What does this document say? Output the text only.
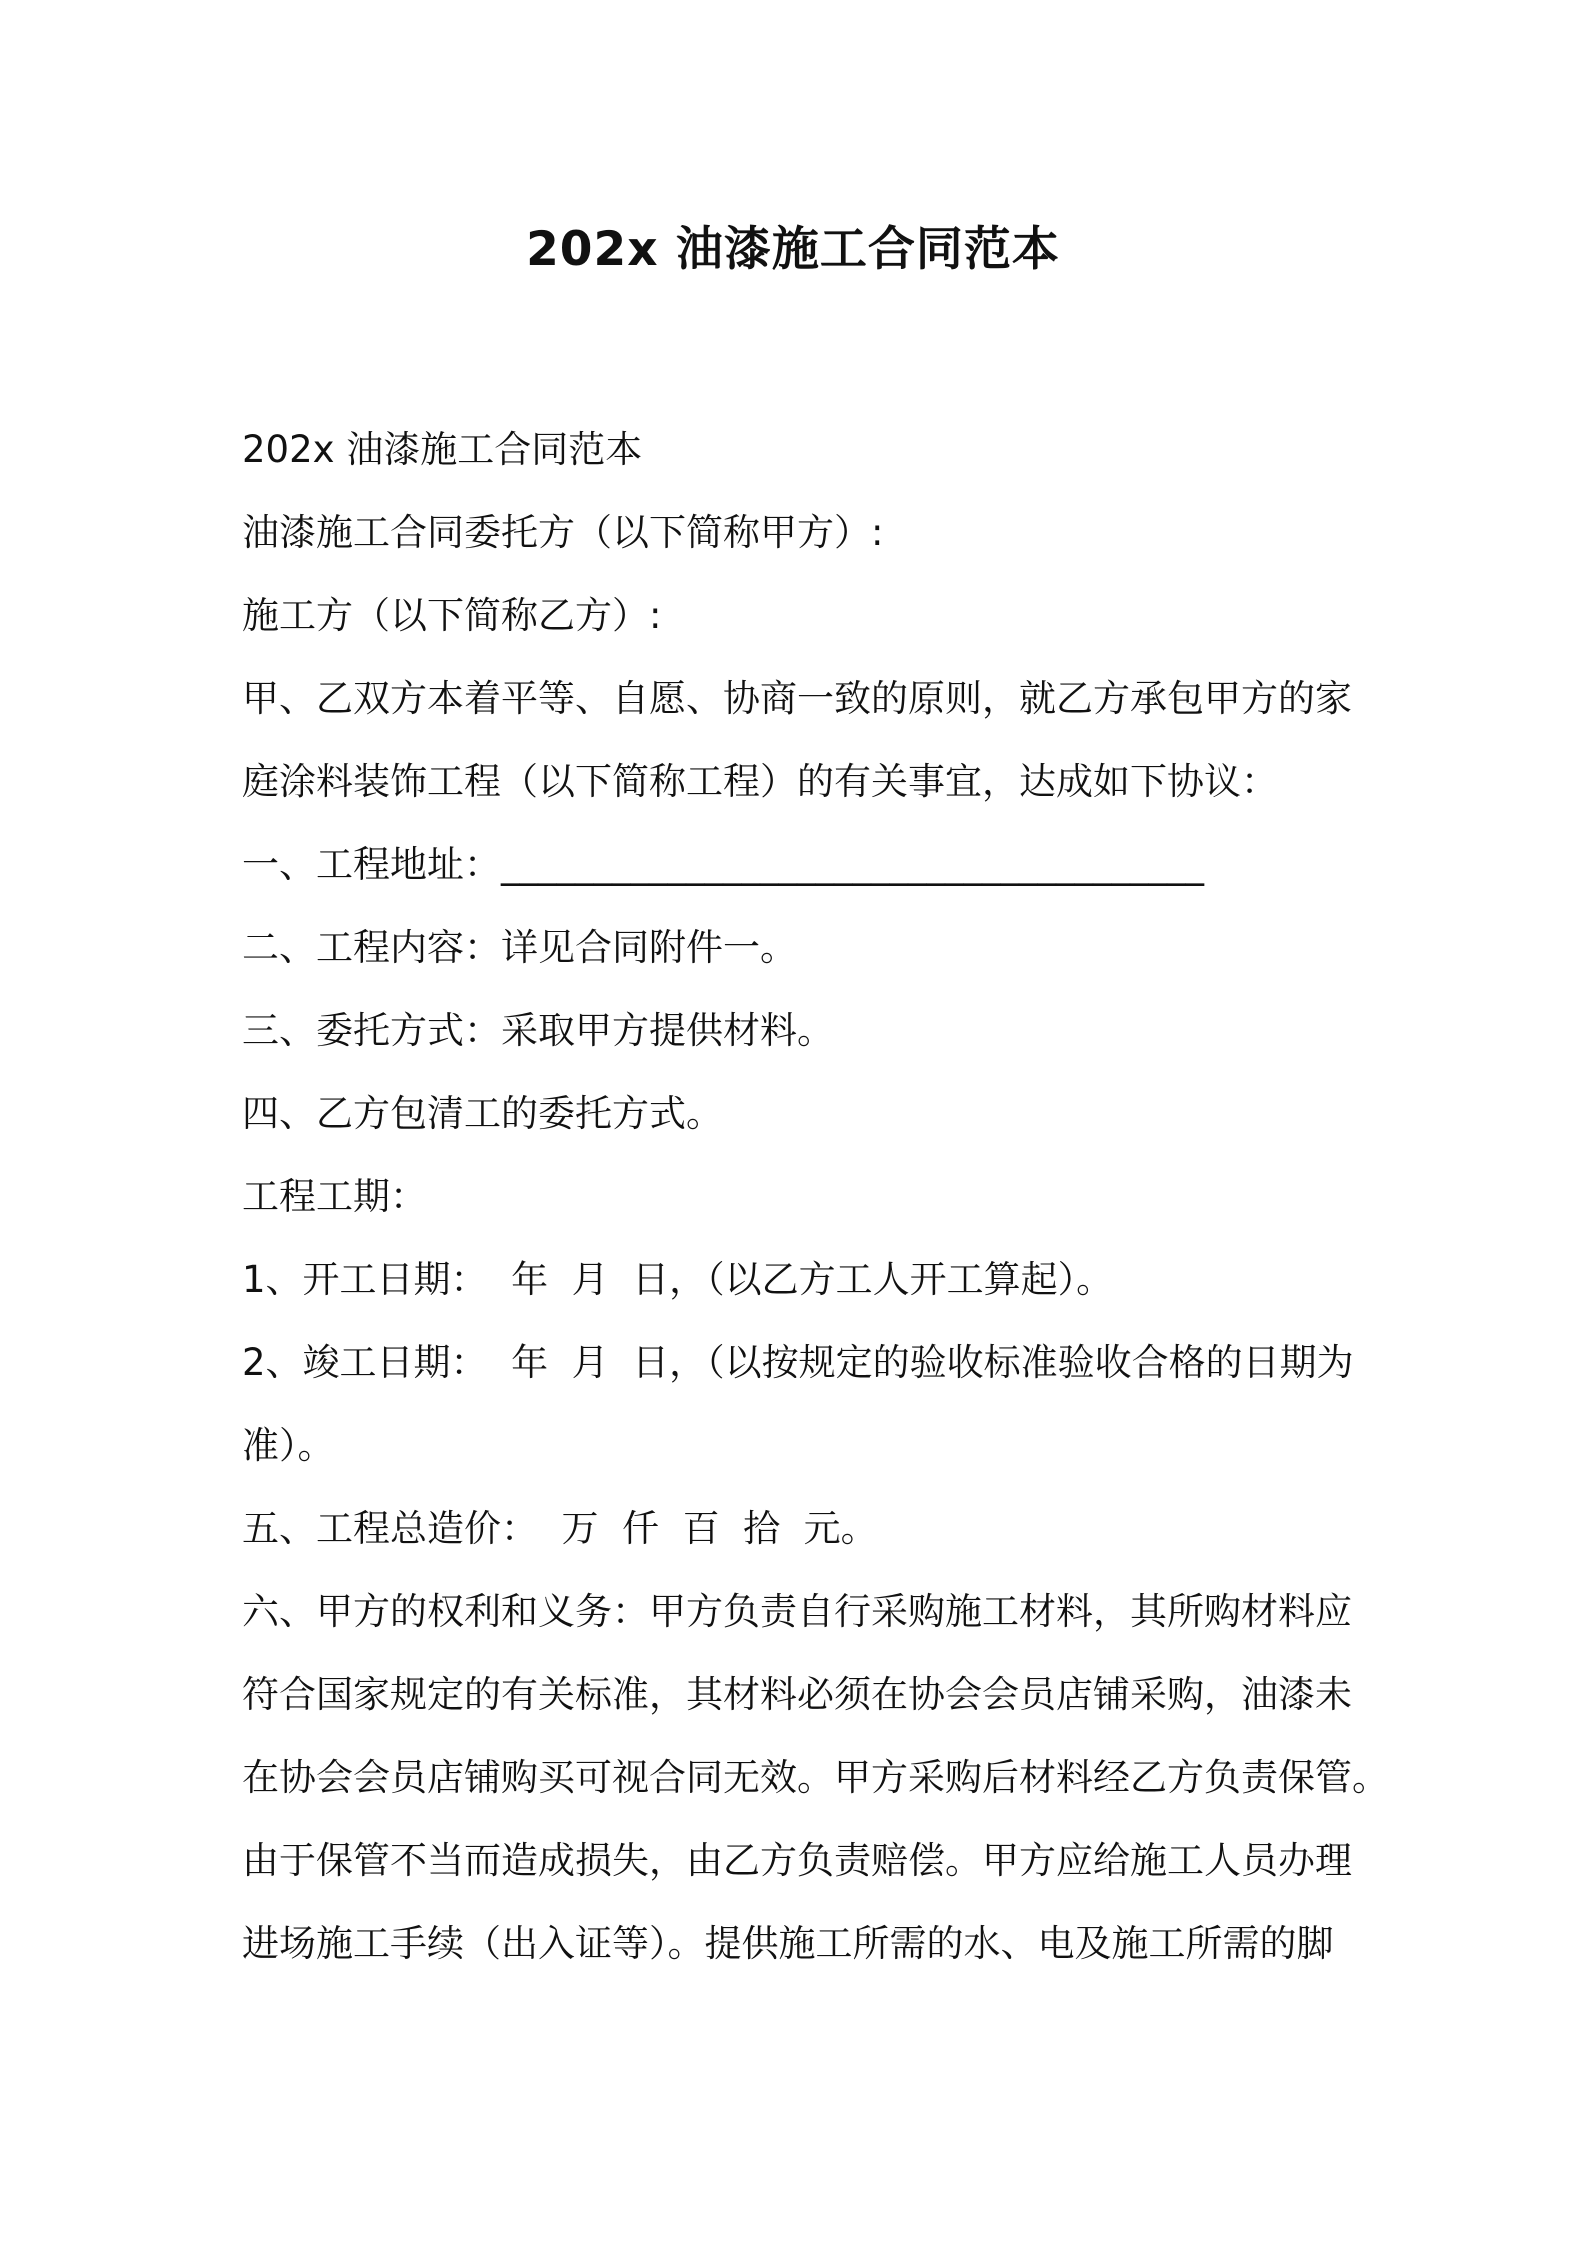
202x 油漆施工合同范本
202x 油漆施工合同范本
油漆施工合同委托方（以下简称甲方）:
施工方（以下简称乙方）:
甲、乙双方本着平等、自愿、协商一致的原则，就乙方承包甲方的家
庭涂料装饰工程（以下简称工程）的有关事宜，达成如下协议：
一、工程地址：______________________________________
二、工程内容：详见合同附件一。
三、委托方式：采取甲方提供材料。
四、乙方包清工的委托方式。
工程工期：
1、开工日期：  年  月  日，（以乙方工人开工算起）。
2、竣工日期：  年  月  日，（以按规定的验收标准验收合格的日期为
准）。
五、工程总造价：  万  仟  百  拾  元。
六、甲方的权利和义务：甲方负责自行采购施工材料，其所购材料应
符合国家规定的有关标准，其材料必须在协会会员店铺采购，油漆未
在协会会员店铺购买可视合同无效。甲方采购后材料经乙方负责保管。
由于保管不当而造成损失，由乙方负责赔偿。甲方应给施工人员办理
进场施工手续（出入证等）。提供施工所需的水、电及施工所需的脚
